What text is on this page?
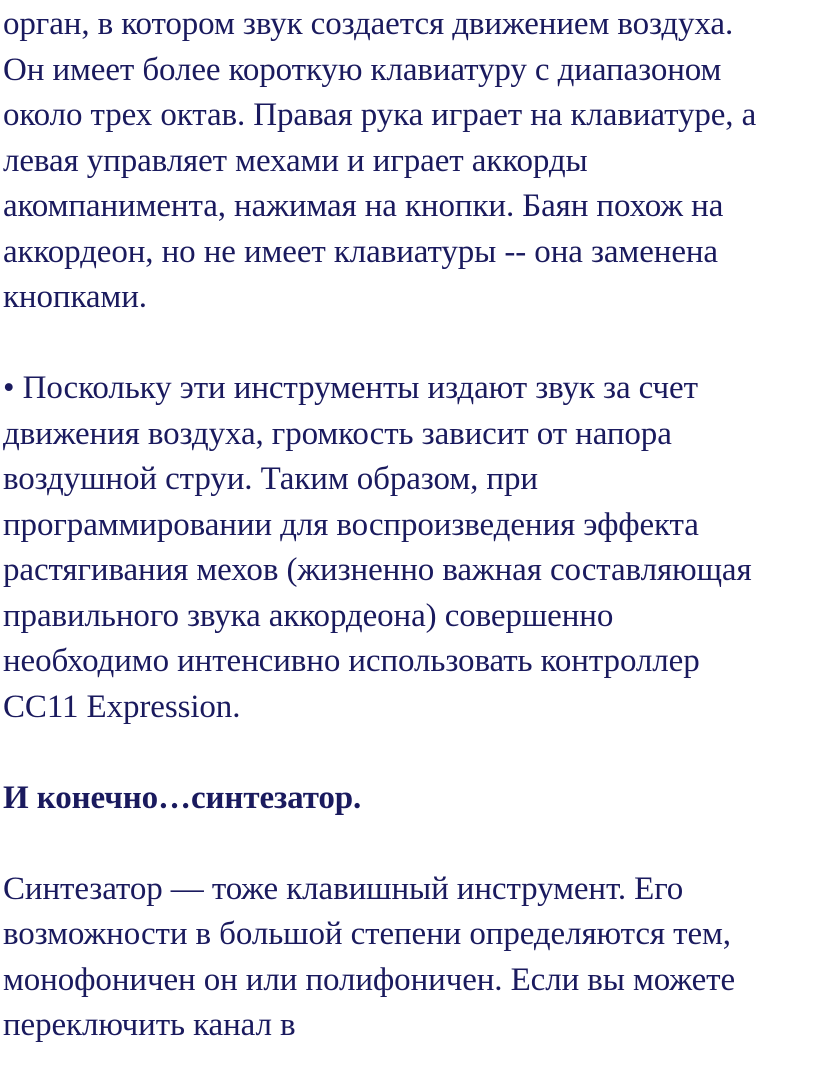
орган, в котором звук создается движением воздуха.
Он имеет более короткую клавиатуру с диапазоном
около трех октав. Правая рука играет на клавиатуре, а
левая управляет мехами и играет аккорды
акомпанимента, нажимая на кнопки. Баян похож на
аккордеон, но не имеет клавиатуры -- она заменена
кнопками.
• Поскольку эти инструменты издают звук за счет
движения воздуха, громкость зависит от напора
воздушной струи. Таким образом, при
программировании для воспроизведения эффекта
растягивания мехов (жизненно важная составляющая
правильного звука аккордеона) совершенно
необходимо интенсивно использовать контроллер
CC11 Expression.
И конечно…синтезатор.
Синтезатор — тоже клавишный инструмент. Его
возможности в большой степени определяются тем,
монофоничен он или полифоничен. Если вы можете
переключить канал в
